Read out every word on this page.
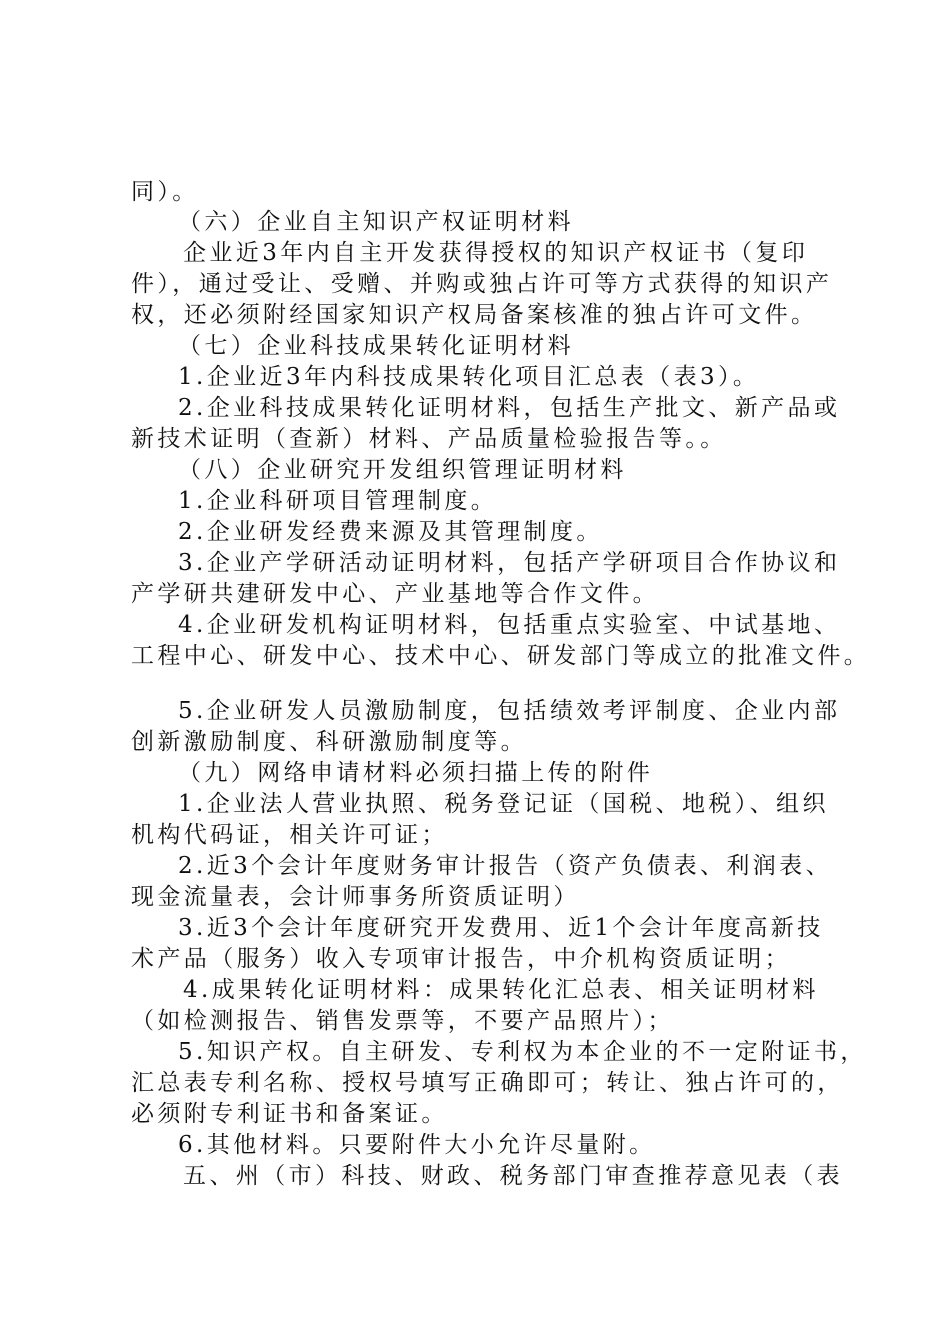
同）。
（六）企业自主知识产权证明材料
企业近3年内自主开发获得授权的知识产权证书（复印
件），通过受让、受赠、并购或独占许可等方式获得的知识产
权，还必须附经国家知识产权局备案核准的独占许可文件。
（七）企业科技成果转化证明材料
1.企业近3年内科技成果转化项目汇总表（表3）。
2.企业科技成果转化证明材料，包括生产批文、新产品或
新技术证明（查新）材料、产品质量检验报告等。。
（八）企业研究开发组织管理证明材料
1.企业科研项目管理制度。
2.企业研发经费来源及其管理制度。
3.企业产学研活动证明材料，包括产学研项目合作协议和
产学研共建研发中心、产业基地等合作文件。
4.企业研发机构证明材料，包括重点实验室、中试基地、
工程中心、研发中心、技术中心、研发部门等成立的批准文件。
5.企业研发人员激励制度，包括绩效考评制度、企业内部
创新激励制度、科研激励制度等。
（九）网络申请材料必须扫描上传的附件
1.企业法人营业执照、税务登记证（国税、地税）、组织
机构代码证，相关许可证；
2.近3个会计年度财务审计报告（资产负债表、利润表、
现金流量表，会计师事务所资质证明）
3.近3个会计年度研究开发费用、近1个会计年度高新技
术产品（服务）收入专项审计报告，中介机构资质证明；
4.成果转化证明材料：成果转化汇总表、相关证明材料
（如检测报告、销售发票等，不要产品照片）；
5.知识产权。自主研发、专利权为本企业的不一定附证书，
汇总表专利名称、授权号填写正确即可；转让、独占许可的，
必须附专利证书和备案证。
6.其他材料。只要附件大小允许尽量附。
五、州（市）科技、财政、税务部门审查推荐意见表（表
